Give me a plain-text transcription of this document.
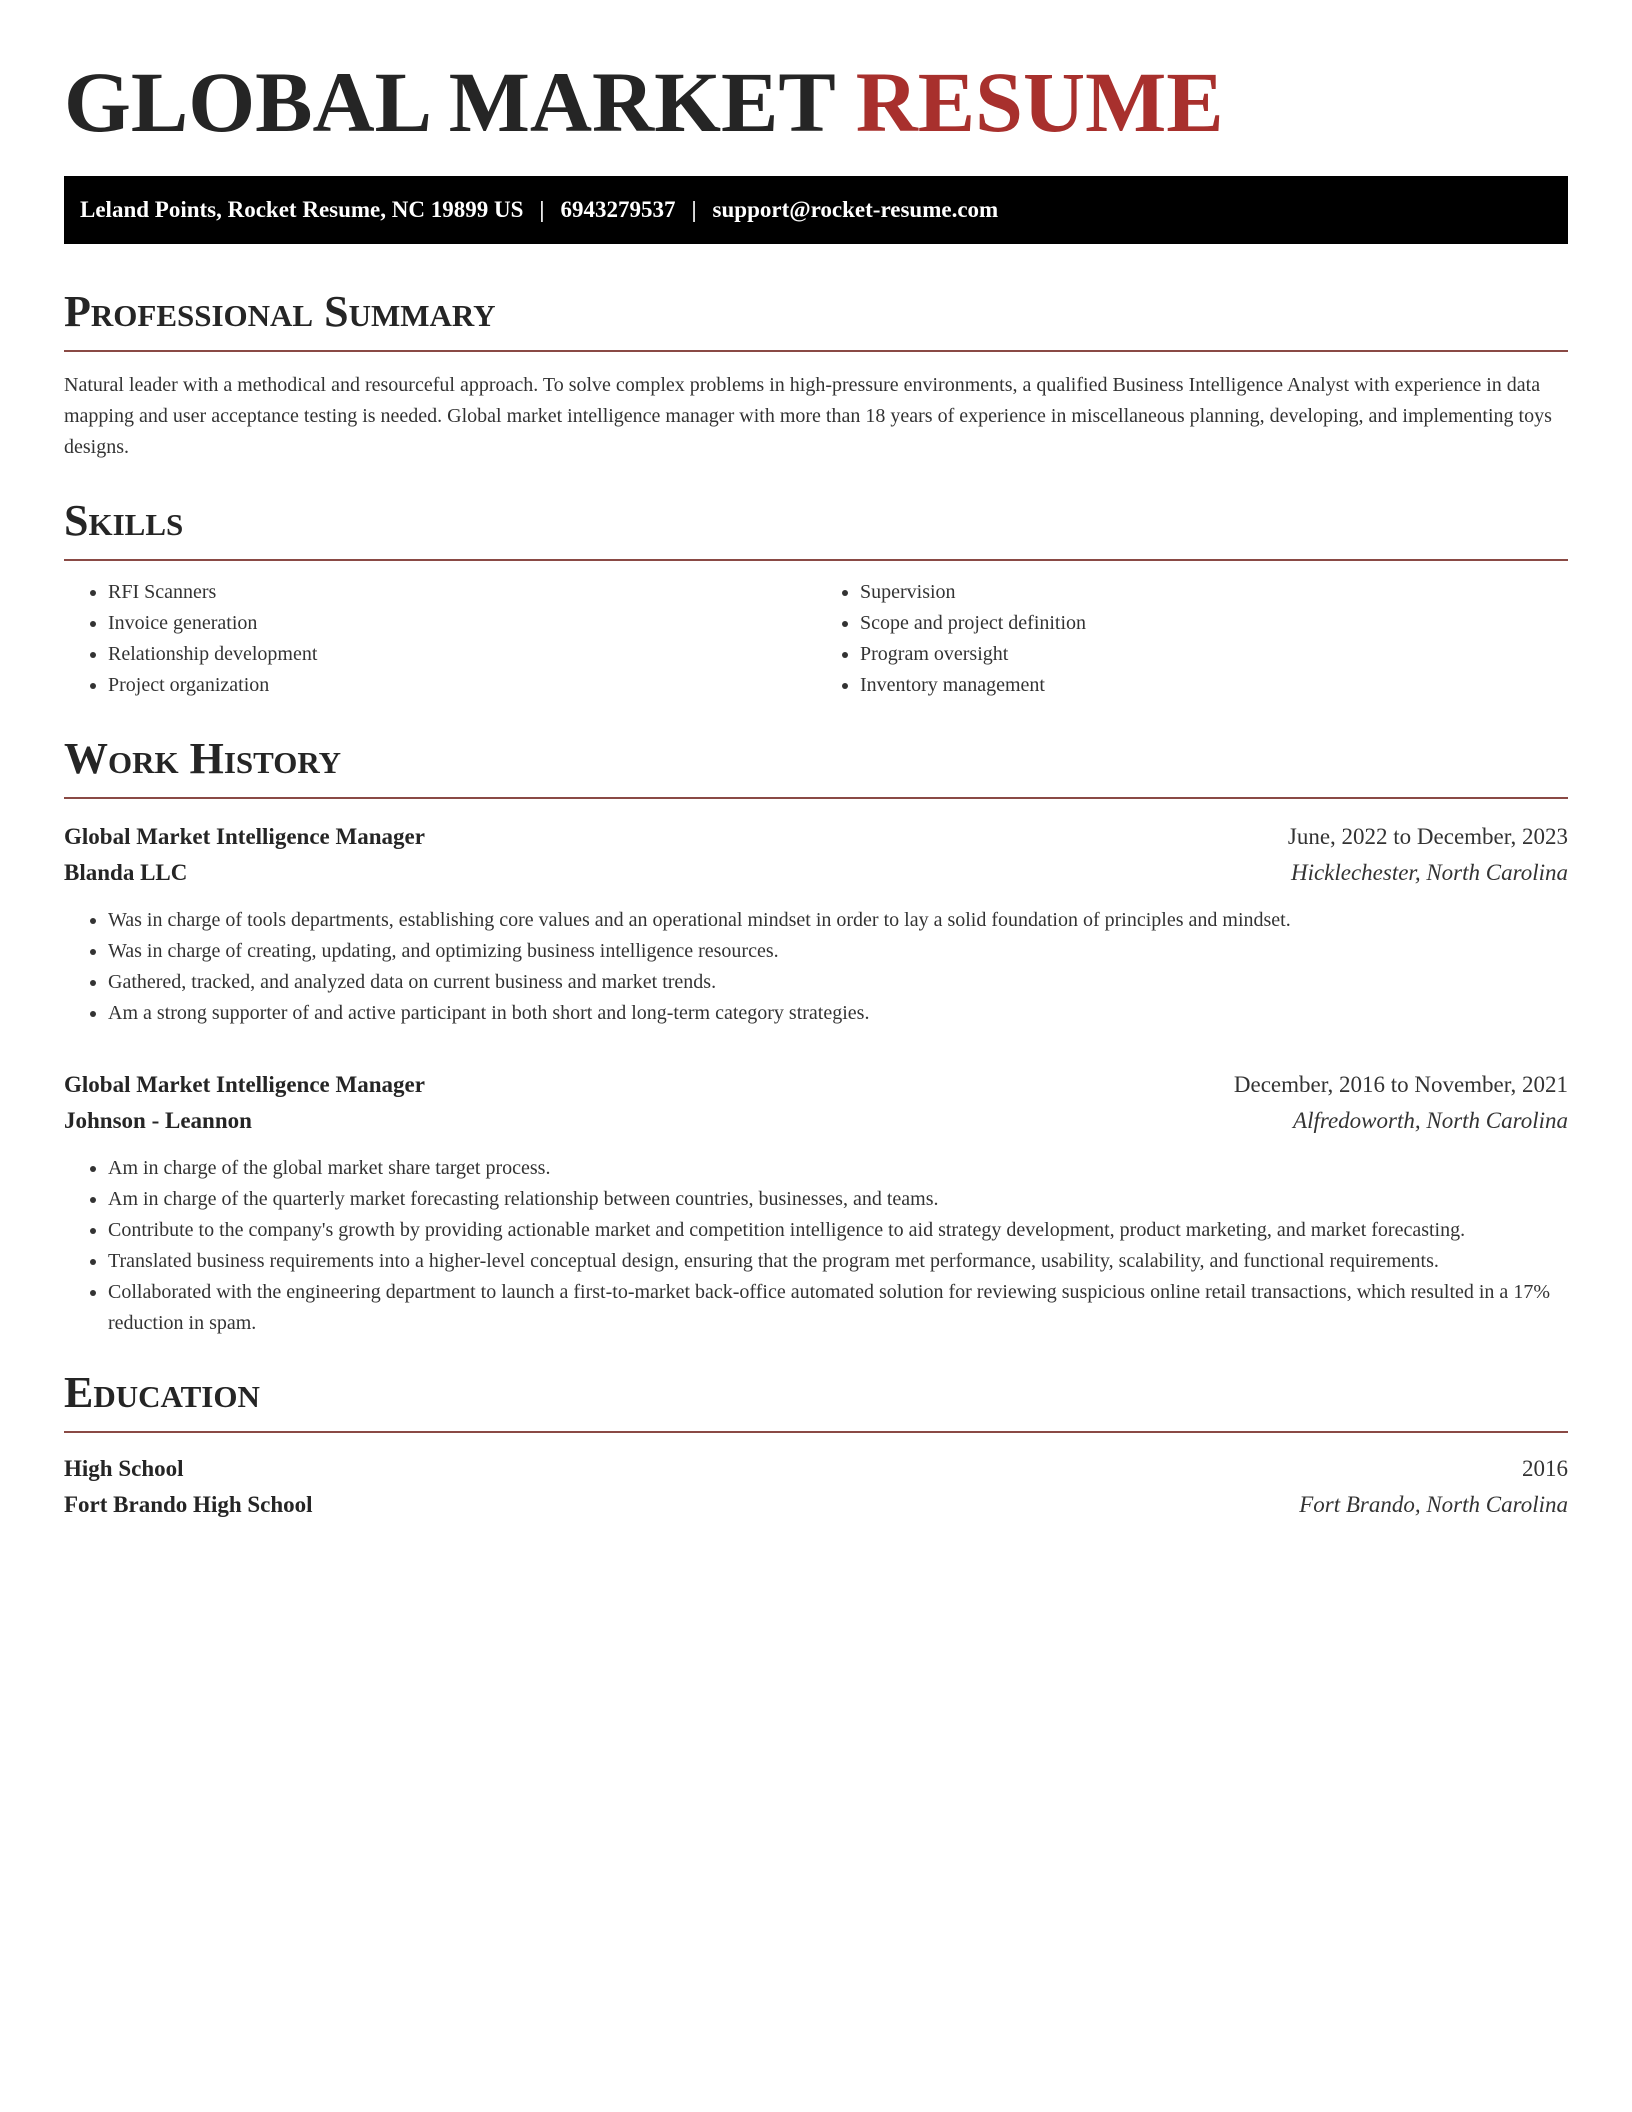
GLOBAL MARKET RESUME
Leland Points, Rocket Resume, NC 19899 US | 6943279537 | support@rocket-resume.com
Professional Summary

Natural leader with a methodical and resourceful approach. To solve complex problems in high-pressure environments, a qualified Business Intelligence Analyst with experience in data mapping and user acceptance testing is needed. Global market intelligence manager with more than 18 years of experience in miscellaneous planning, developing, and implementing toys designs.

Skills
• RFI Scanners
• Invoice generation
• Relationship development
• Project organization
• Supervision
• Scope and project definition
• Program oversight
• Inventory management
Work History
Global Market Intelligence Manager	June, 2022 to December, 2023
Blanda LLC	Hicklechester, North Carolina
• Was in charge of tools departments, establishing core values and an operational mindset in order to lay a solid foundation of principles and mindset.
• Was in charge of creating, updating, and optimizing business intelligence resources.
• Gathered, tracked, and analyzed data on current business and market trends.
• Am a strong supporter of and active participant in both short and long-term category strategies.
Global Market Intelligence Manager	December, 2016 to November, 2021
Johnson - Leannon	Alfredoworth, North Carolina
• Am in charge of the global market share target process.
• Am in charge of the quarterly market forecasting relationship between countries, businesses, and teams.
• Contribute to the company's growth by providing actionable market and competition intelligence to aid strategy development, product marketing, and market forecasting.
• Translated business requirements into a higher-level conceptual design, ensuring that the program met performance, usability, scalability, and functional requirements.
• Collaborated with the engineering department to launch a first-to-market back-office automated solution for reviewing suspicious online retail transactions, which resulted in a 17% reduction in spam.
Education
High School	2016
Fort Brando High School	Fort Brando, North Carolina
